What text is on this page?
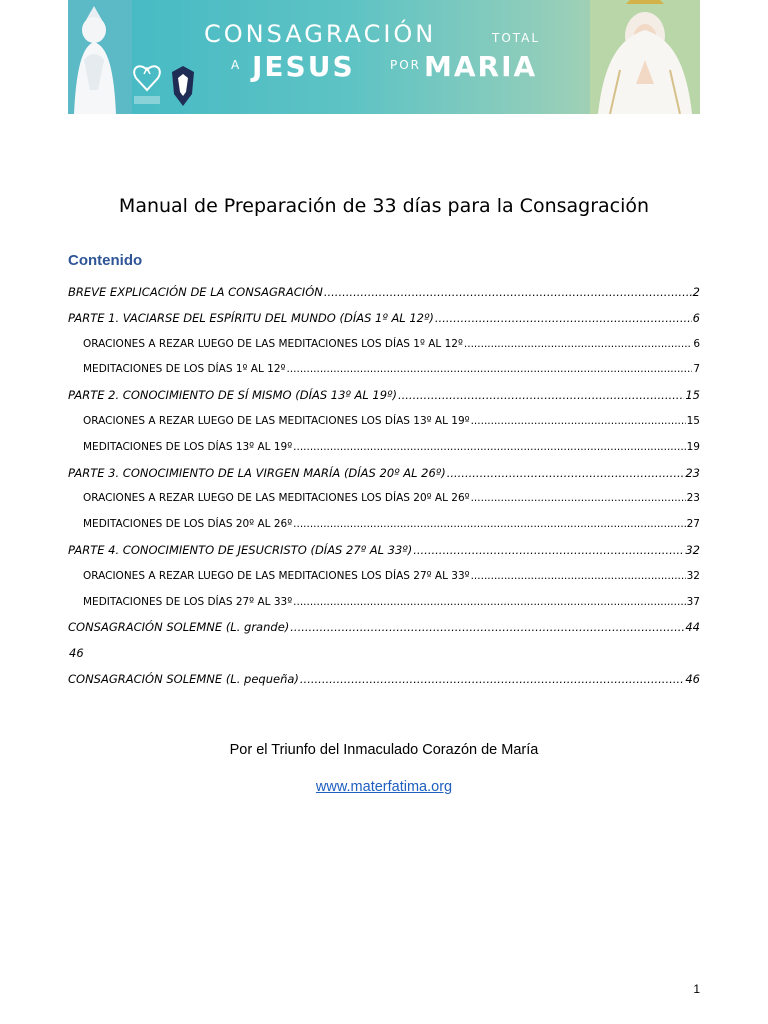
CONSAGRACIÓN	TOTAL
A JESUS	POR MARIA
Manual de Preparación de 33 días para la Consagración
Contenido
BREVE EXPLICACIÓN DE LA CONSAGRACIÓN .....	2
PARTE 1. VACIARSE DEL ESPÍRITU DEL MUNDO (DÍAS 1º AL 12º) .....	6
ORACIONES A REZAR LUEGO DE LAS MEDITACIONES LOS DÍAS 1º AL 12º .....	6
MEDITACIONES DE LOS DÍAS 1º AL 12º .....	7
PARTE 2. CONOCIMIENTO DE SÍ MISMO (DÍAS 13º AL 19º) .....	15
ORACIONES A REZAR LUEGO DE LAS MEDITACIONES LOS DÍAS 13º AL 19º .....	15
MEDITACIONES DE LOS DÍAS 13º AL 19º .....	19
PARTE 3. CONOCIMIENTO DE LA VIRGEN MARÍA (DÍAS 20º AL 26º) .....	23
ORACIONES A REZAR LUEGO DE LAS MEDITACIONES LOS DÍAS 20º AL 26º .....	23
MEDITACIONES DE LOS DÍAS 20º AL 26º .....	27
PARTE 4. CONOCIMIENTO DE JESUCRISTO (DÍAS 27º AL 33º) .....	32
ORACIONES A REZAR LUEGO DE LAS MEDITACIONES LOS DÍAS 27º AL 33º .....	32
MEDITACIONES DE LOS DÍAS 27º AL 33º .....	37
CONSAGRACIÓN SOLEMNE (L. grande) .....	44
46
CONSAGRACIÓN SOLEMNE (L. pequeña) .....	46
Por el Triunfo del Inmaculado Corazón de María
www.materfatima.org
1
